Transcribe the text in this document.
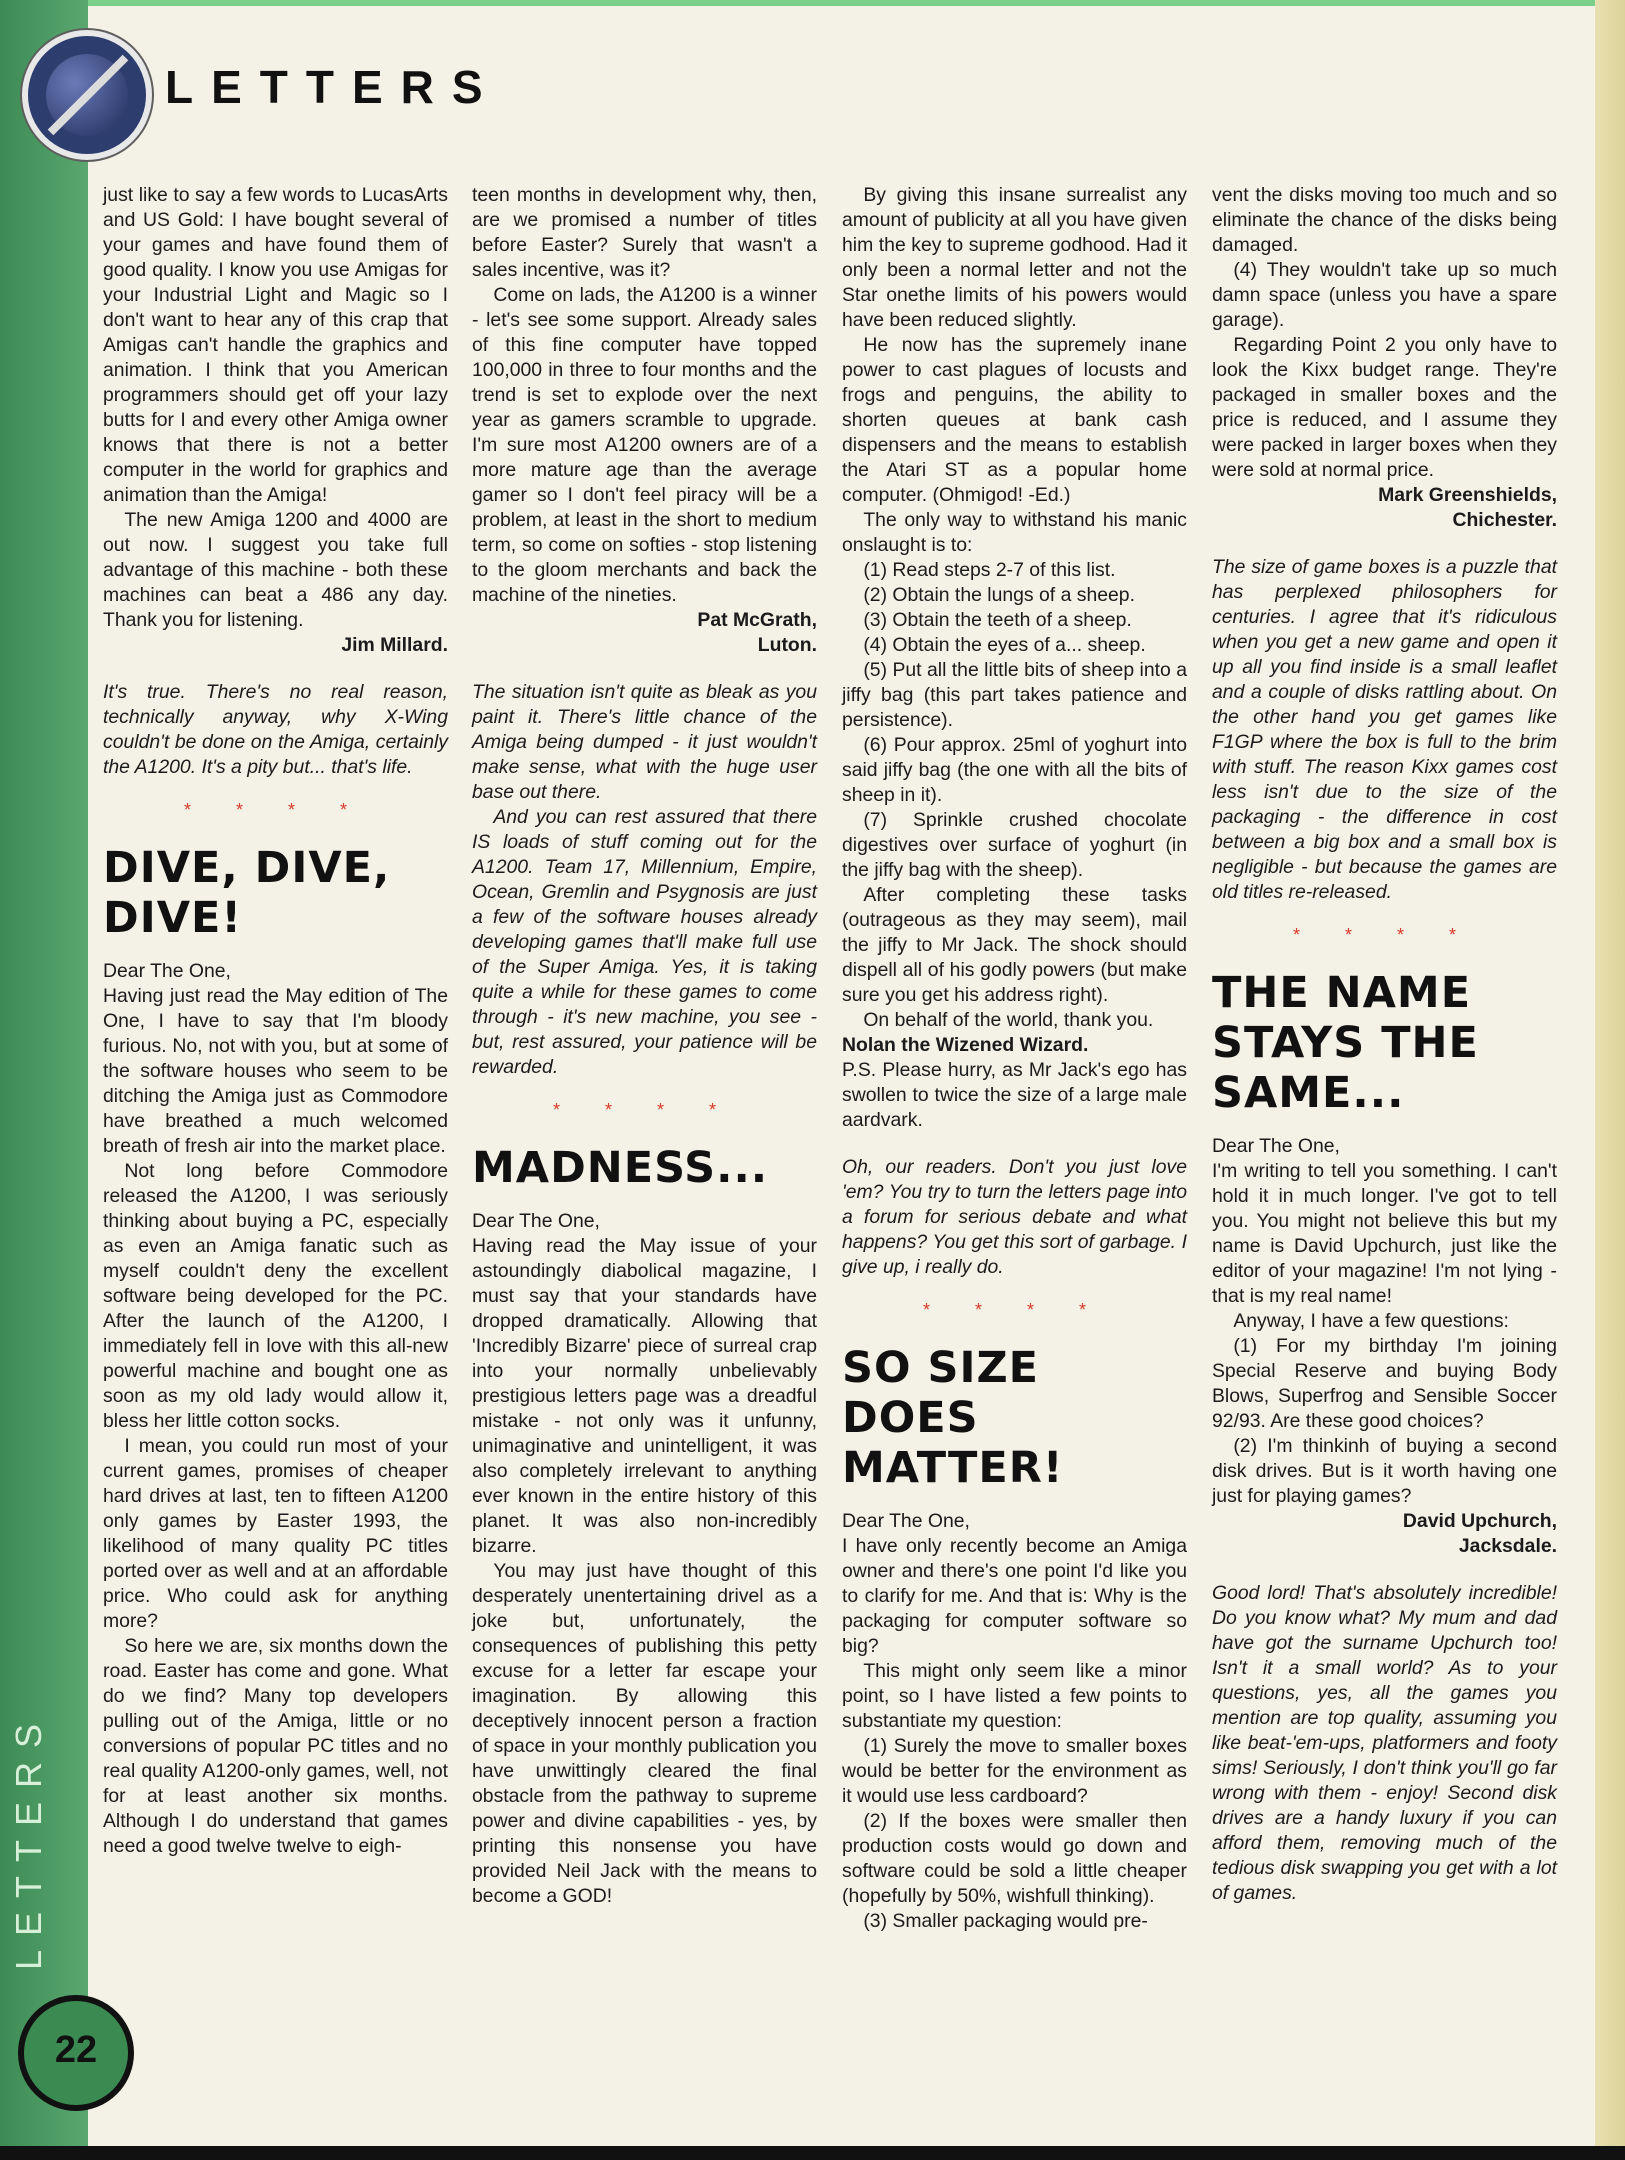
LETTERS
LETTERS
22

just like to say a few words to LucasArts and US Gold: I have bought several of your games and have found them of good quality. I know you use Amigas for your Industrial Light and Magic so I don't want to hear any of this crap that Amigas can't handle the graphics and animation. I think that you American programmers should get off your lazy butts for I and every other Amiga owner knows that there is not a better computer in the world for graphics and animation than the Amiga!

The new Amiga 1200 and 4000 are out now. I suggest you take full advantage of this machine - both these machines can beat a 486 any day. Thank you for listening.

Jim Millard.

It's true. There's no real reason, technically anyway, why X-Wing couldn't be done on the Amiga, certainly the A1200. It's a pity but... that's life.

* * * *
DIVE, DIVE, DIVE!

Dear The One,

Having just read the May edition of The One, I have to say that I'm bloody furious. No, not with you, but at some of the software houses who seem to be ditching the Amiga just as Commodore have breathed a much welcomed breath of fresh air into the market place.

Not long before Commodore released the A1200, I was seriously thinking about buying a PC, especially as even an Amiga fanatic such as myself couldn't deny the excellent software being developed for the PC. After the launch of the A1200, I immediately fell in love with this all-new powerful machine and bought one as soon as my old lady would allow it, bless her little cotton socks.

I mean, you could run most of your current games, promises of cheaper hard drives at last, ten to fifteen A1200 only games by Easter 1993, the likelihood of many quality PC titles ported over as well and at an affordable price. Who could ask for anything more?

So here we are, six months down the road. Easter has come and gone. What do we find? Many top developers pulling out of the Amiga, little or no conversions of popular PC titles and no real quality A1200-only games, well, not for at least another six months. Although I do understand that games need a good twelve twelve to eigh-

teen months in development why, then, are we promised a number of titles before Easter? Surely that wasn't a sales incentive, was it?

Come on lads, the A1200 is a winner - let's see some support. Already sales of this fine computer have topped 100,000 in three to four months and the trend is set to explode over the next year as gamers scramble to upgrade. I'm sure most A1200 owners are of a more mature age than the average gamer so I don't feel piracy will be a problem, at least in the short to medium term, so come on softies - stop listening to the gloom merchants and back the machine of the nineties.

Pat McGrath,

Luton.

The situation isn't quite as bleak as you paint it. There's little chance of the Amiga being dumped - it just wouldn't make sense, what with the huge user base out there.

And you can rest assured that there IS loads of stuff coming out for the A1200. Team 17, Millennium, Empire, Ocean, Gremlin and Psygnosis are just a few of the software houses already developing games that'll make full use of the Super Amiga. Yes, it is taking quite a while for these games to come through - it's new machine, you see - but, rest assured, your patience will be rewarded.

* * * *
MADNESS...

Dear The One,

Having read the May issue of your astoundingly diabolical magazine, I must say that your standards have dropped dramatically. Allowing that 'Incredibly Bizarre' piece of surreal crap into your normally unbelievably prestigious letters page was a dreadful mistake - not only was it unfunny, unimaginative and unintelligent, it was also completely irrelevant to anything ever known in the entire history of this planet. It was also non-incredibly bizarre.

You may just have thought of this desperately unentertaining drivel as a joke but, unfortunately, the consequences of publishing this petty excuse for a letter far escape your imagination. By allowing this deceptively innocent person a fraction of space in your monthly publication you have unwittingly cleared the final obstacle from the pathway to supreme power and divine capabilities - yes, by printing this nonsense you have provided Neil Jack with the means to become a GOD!

By giving this insane surrealist any amount of publicity at all you have given him the key to supreme godhood. Had it only been a normal letter and not the Star onethe limits of his powers would have been reduced slightly.

He now has the supremely inane power to cast plagues of locusts and frogs and penguins, the ability to shorten queues at bank cash dispensers and the means to establish the Atari ST as a popular home computer. (Ohmigod! -Ed.)

The only way to withstand his manic onslaught is to:

(1) Read steps 2-7 of this list.

(2) Obtain the lungs of a sheep.

(3) Obtain the teeth of a sheep.

(4) Obtain the eyes of a... sheep.

(5) Put all the little bits of sheep into a jiffy bag (this part takes patience and persistence).

(6) Pour approx. 25ml of yoghurt into said jiffy bag (the one with all the bits of sheep in it).

(7) Sprinkle crushed chocolate digestives over surface of yoghurt (in the jiffy bag with the sheep).

After completing these tasks (outrageous as they may seem), mail the jiffy to Mr Jack. The shock should dispell all of his godly powers (but make sure you get his address right).

On behalf of the world, thank you.

Nolan the Wizened Wizard.

P.S. Please hurry, as Mr Jack's ego has swollen to twice the size of a large male aardvark.

Oh, our readers. Don't you just love 'em? You try to turn the letters page into a forum for serious debate and what happens? You get this sort of garbage. I give up, i really do.

* * * *
SO SIZE DOES MATTER!

Dear The One,

I have only recently become an Amiga owner and there's one point I'd like you to clarify for me. And that is: Why is the packaging for computer software so big?

This might only seem like a minor point, so I have listed a few points to substantiate my question:

(1) Surely the move to smaller boxes would be better for the environment as it would use less cardboard?

(2) If the boxes were smaller then production costs would go down and software could be sold a little cheaper (hopefully by 50%, wishfull thinking).

(3) Smaller packaging would pre-

vent the disks moving too much and so eliminate the chance of the disks being damaged.

(4) They wouldn't take up so much damn space (unless you have a spare garage).

Regarding Point 2 you only have to look the Kixx budget range. They're packaged in smaller boxes and the price is reduced, and I assume they were packed in larger boxes when they were sold at normal price.

Mark Greenshields,

Chichester.

The size of game boxes is a puzzle that has perplexed philosophers for centuries. I agree that it's ridiculous when you get a new game and open it up all you find inside is a small leaflet and a couple of disks rattling about. On the other hand you get games like F1GP where the box is full to the brim with stuff. The reason Kixx games cost less isn't due to the size of the packaging - the difference in cost between a big box and a small box is negligible - but because the games are old titles re-released.

* * * *
THE NAME STAYS THE SAME...

Dear The One,

I'm writing to tell you something. I can't hold it in much longer. I've got to tell you. You might not believe this but my name is David Upchurch, just like the editor of your magazine! I'm not lying - that is my real name!

Anyway, I have a few questions:

(1) For my birthday I'm joining Special Reserve and buying Body Blows, Superfrog and Sensible Soccer 92/93. Are these good choices?

(2) I'm thinkinh of buying a second disk drives. But is it worth having one just for playing games?

David Upchurch,

Jacksdale.

Good lord! That's absolutely incredible! Do you know what? My mum and dad have got the surname Upchurch too! Isn't it a small world? As to your questions, yes, all the games you mention are top quality, assuming you like beat-'em-ups, platformers and footy sims! Seriously, I don't think you'll go far wrong with them - enjoy! Second disk drives are a handy luxury if you can afford them, removing much of the tedious disk swapping you get with a lot of games.
